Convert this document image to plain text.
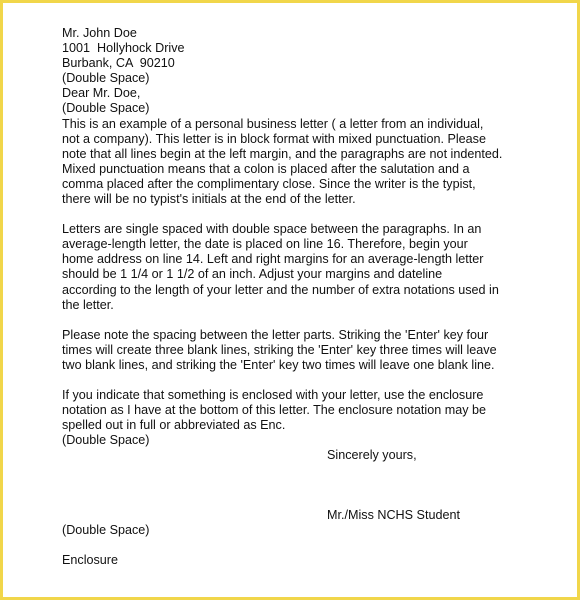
Mr. John Doe
1001  Hollyhock Drive
Burbank, CA  90210
(Double Space)
Dear Mr. Doe,
(Double Space)
This is an example of a personal business letter ( a letter from an individual,
not a company). This letter is in block format with mixed punctuation. Please
note that all lines begin at the left margin, and the paragraphs are not indented.
Mixed punctuation means that a colon is placed after the salutation and a
comma placed after the complimentary close. Since the writer is the typist,
there will be no typist's initials at the end of the letter.
Letters are single spaced with double space between the paragraphs. In an
average-length letter, the date is placed on line 16. Therefore, begin your
home address on line 14. Left and right margins for an average-length letter
should be 1 1/4 or 1 1/2 of an inch. Adjust your margins and dateline
according to the length of your letter and the number of extra notations used in
the letter.
Please note the spacing between the letter parts. Striking the 'Enter' key four
times will create three blank lines, striking the 'Enter' key three times will leave
two blank lines, and striking the 'Enter' key two times will leave one blank line.
If you indicate that something is enclosed with your letter, use the enclosure
notation as I have at the bottom of this letter. The enclosure notation may be
spelled out in full or abbreviated as Enc.
(Double Space)
Sincerely yours,
Mr./Miss NCHS Student
(Double Space)
Enclosure
